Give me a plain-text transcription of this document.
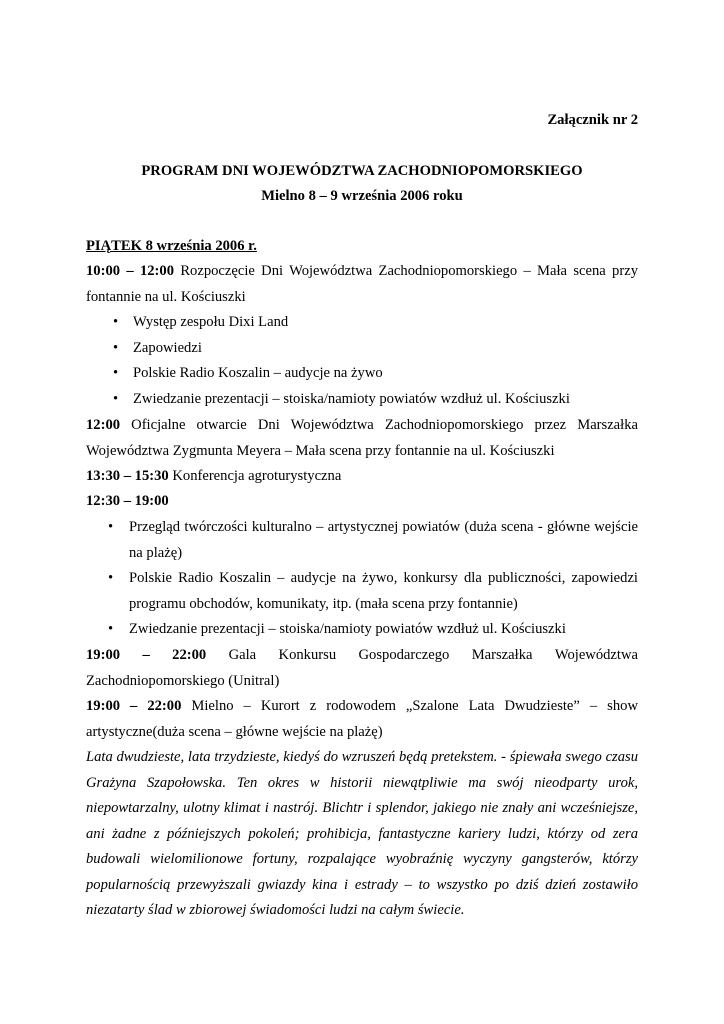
Załącznik nr 2
PROGRAM DNI WOJEWÓDZTWA ZACHODNIOPOMORSKIEGO
Mielno 8 – 9 września 2006 roku
PIĄTEK 8 września 2006 r.
10:00 – 12:00 Rozpoczęcie Dni Województwa Zachodniopomorskiego – Mała scena przy fontannie na ul. Kościuszki
• Występ zespołu Dixi Land
• Zapowiedzi
• Polskie Radio Koszalin – audycje na żywo
• Zwiedzanie prezentacji – stoiska/namioty powiatów wzdłuż ul. Kościuszki
12:00 Oficjalne otwarcie Dni Województwa Zachodniopomorskiego przez Marszałka Województwa Zygmunta Meyera – Mała scena przy fontannie na ul. Kościuszki
13:30 – 15:30 Konferencja agroturystyczna
12:30 – 19:00
• Przegląd twórczości kulturalno – artystycznej powiatów (duża scena - główne wejście na plażę)
• Polskie Radio Koszalin – audycje na żywo, konkursy dla publiczności, zapowiedzi programu obchodów, komunikaty, itp. (mała scena przy fontannie)
• Zwiedzanie prezentacji – stoiska/namioty powiatów wzdłuż ul. Kościuszki
19:00 – 22:00 Gala Konkursu Gospodarczego Marszałka Województwa
Zachodniopomorskiego (Unitral)
19:00 – 22:00 Mielno – Kurort z rodowodem „Szalone Lata Dwudzieste” – show artystyczne(duża scena – główne wejście na plażę)
Lata dwudzieste, lata trzydzieste, kiedyś do wzruszeń będą pretekstem. - śpiewała swego czasu Grażyna Szapołowska. Ten okres w historii niewątpliwie ma swój nieodparty urok, niepowtarzalny, ulotny klimat i nastrój. Blichtr i splendor, jakiego nie znały ani wcześniejsze, ani żadne z późniejszych pokoleń; prohibicja, fantastyczne kariery ludzi, którzy od zera budowali wielomilionowe fortuny, rozpalające wyobraźnię wyczyny gangsterów, którzy popularnością przewyższali gwiazdy kina i estrady – to wszystko po dziś dzień zostawiło niezatarty ślad w zbiorowej świadomości ludzi na całym świecie.
